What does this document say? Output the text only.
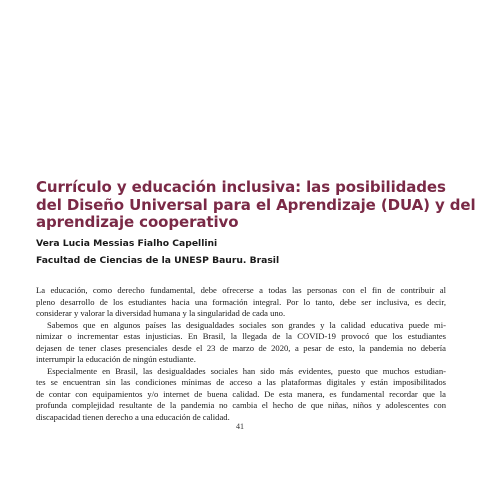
Currículo y educación inclusiva: las posibilidades
del Diseño Universal para el Aprendizaje (DUA) y del
aprendizaje cooperativo
Vera Lucia Messias Fialho Capellini
Facultad de Ciencias de la UNESP Bauru. Brasil
La educación, como derecho fundamental, debe ofrecerse a todas las personas con el fin de contribuir al
pleno desarrollo de los estudiantes hacia una formación integral. Por lo tanto, debe ser inclusiva, es decir,
considerar y valorar la diversidad humana y la singularidad de cada uno.
Sabemos que en algunos países las desigualdades sociales son grandes y la calidad educativa puede mi-
nimizar o incrementar estas injusticias. En Brasil, la llegada de la COVID-19 provocó que los estudiantes
dejasen de tener clases presenciales desde el 23 de marzo de 2020, a pesar de esto, la pandemia no debería
interrumpir la educación de ningún estudiante.
Especialmente en Brasil, las desigualdades sociales han sido más evidentes, puesto que muchos estudian-
tes se encuentran sin las condiciones mínimas de acceso a las plataformas digitales y están imposibilitados
de contar con equipamientos y/o internet de buena calidad. De esta manera, es fundamental recordar que la
profunda complejidad resultante de la pandemia no cambia el hecho de que niñas, niños y adolescentes con
discapacidad tienen derecho a una educación de calidad.
41
